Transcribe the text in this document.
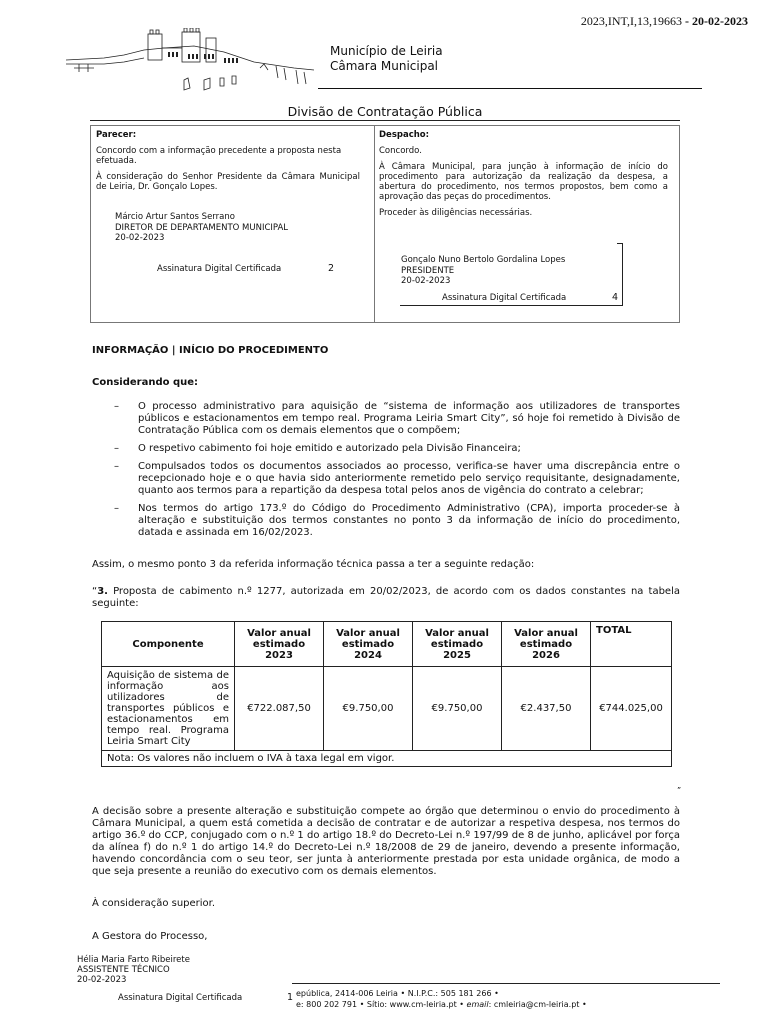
2023,INT,I,13,19663 - 20-02-2023
Município de Leiria
Câmara Municipal
Divisão de Contratação Pública
Parecer:
Concordo com a informação precedente a proposta nesta efetuada.
À consideração do Senhor Presidente da Câmara Municipal de Leiria, Dr. Gonçalo Lopes.
Márcio Artur Santos Serrano
DIRETOR DE DEPARTAMENTO MUNICIPAL
20-02-2023
Assinatura Digital Certificada	2
Despacho:
Concordo.
À Câmara Municipal, para junção à informação de início do procedimento para autorização da realização da despesa, a abertura do procedimento, nos termos propostos, bem como a aprovação das peças do procedimentos.
Proceder às diligências necessárias.
Gonçalo Nuno Bertolo Gordalina Lopes
PRESIDENTE
20-02-2023
Assinatura Digital Certificada	4
INFORMAÇÃO | INÍCIO DO PROCEDIMENTO
Considerando que:
– O processo administrativo para aquisição de “sistema de informação aos utilizadores de transportes públicos e estacionamentos em tempo real. Programa Leiria Smart City”, só hoje foi remetido à Divisão de Contratação Pública com os demais elementos que o compõem;
– O respetivo cabimento foi hoje emitido e autorizado pela Divisão Financeira;
– Compulsados todos os documentos associados ao processo, verifica-se haver uma discrepância entre o recepcionado hoje e o que havia sido anteriormente remetido pelo serviço requisitante, designadamente, quanto aos termos para a repartição da despesa total pelos anos de vigência do contrato a celebrar;
– Nos termos do artigo 173.º do Código do Procedimento Administrativo (CPA), importa proceder-se à alteração e substituição dos termos constantes no ponto 3 da informação de início do procedimento, datada e assinada em 16/02/2023.
Assim, o mesmo ponto 3 da referida informação técnica passa a ter a seguinte redação:
“3. Proposta de cabimento n.º 1277, autorizada em 20/02/2023, de acordo com os dados constantes na tabela seguinte:
Componente	Valor anual estimado 2023	Valor anual estimado 2024	Valor anual estimado 2025	Valor anual estimado 2026	TOTAL
Aquisição de sistema de informação aos utilizadores de transportes públicos e estacionamentos em tempo real. Programa Leiria Smart City	€722.087,50	€9.750,00	€9.750,00	€2.437,50	€744.025,00
Nota: Os valores não incluem o IVA à taxa legal em vigor.					
”
A decisão sobre a presente alteração e substituição compete ao órgão que determinou o envio do procedimento à Câmara Municipal, a quem está cometida a decisão de contratar e de autorizar a respetiva despesa, nos termos do artigo 36.º do CCP, conjugado com o n.º 1 do artigo 18.º do Decreto-Lei n.º 197/99 de 8 de junho, aplicável por força da alínea f) do n.º 1 do artigo 14.º do Decreto-Lei n.º 18/2008 de 29 de janeiro, devendo a presente informação, havendo concordância com o seu teor, ser junta à anteriormente prestada por esta unidade orgânica, de modo a que seja presente a reunião do executivo com os demais elementos.
À consideração superior.
A Gestora do Processo,
Hélia Maria Farto Ribeirete
ASSISTENTE TÉCNICO
20-02-2023
Assinatura Digital Certificada	1 epública, 2414-006 Leiria • N.I.P.C.: 505 181 266 •
e: 800 202 791 • Sítio: www.cm-leiria.pt • email: cmleiria@cm-leiria.pt •
